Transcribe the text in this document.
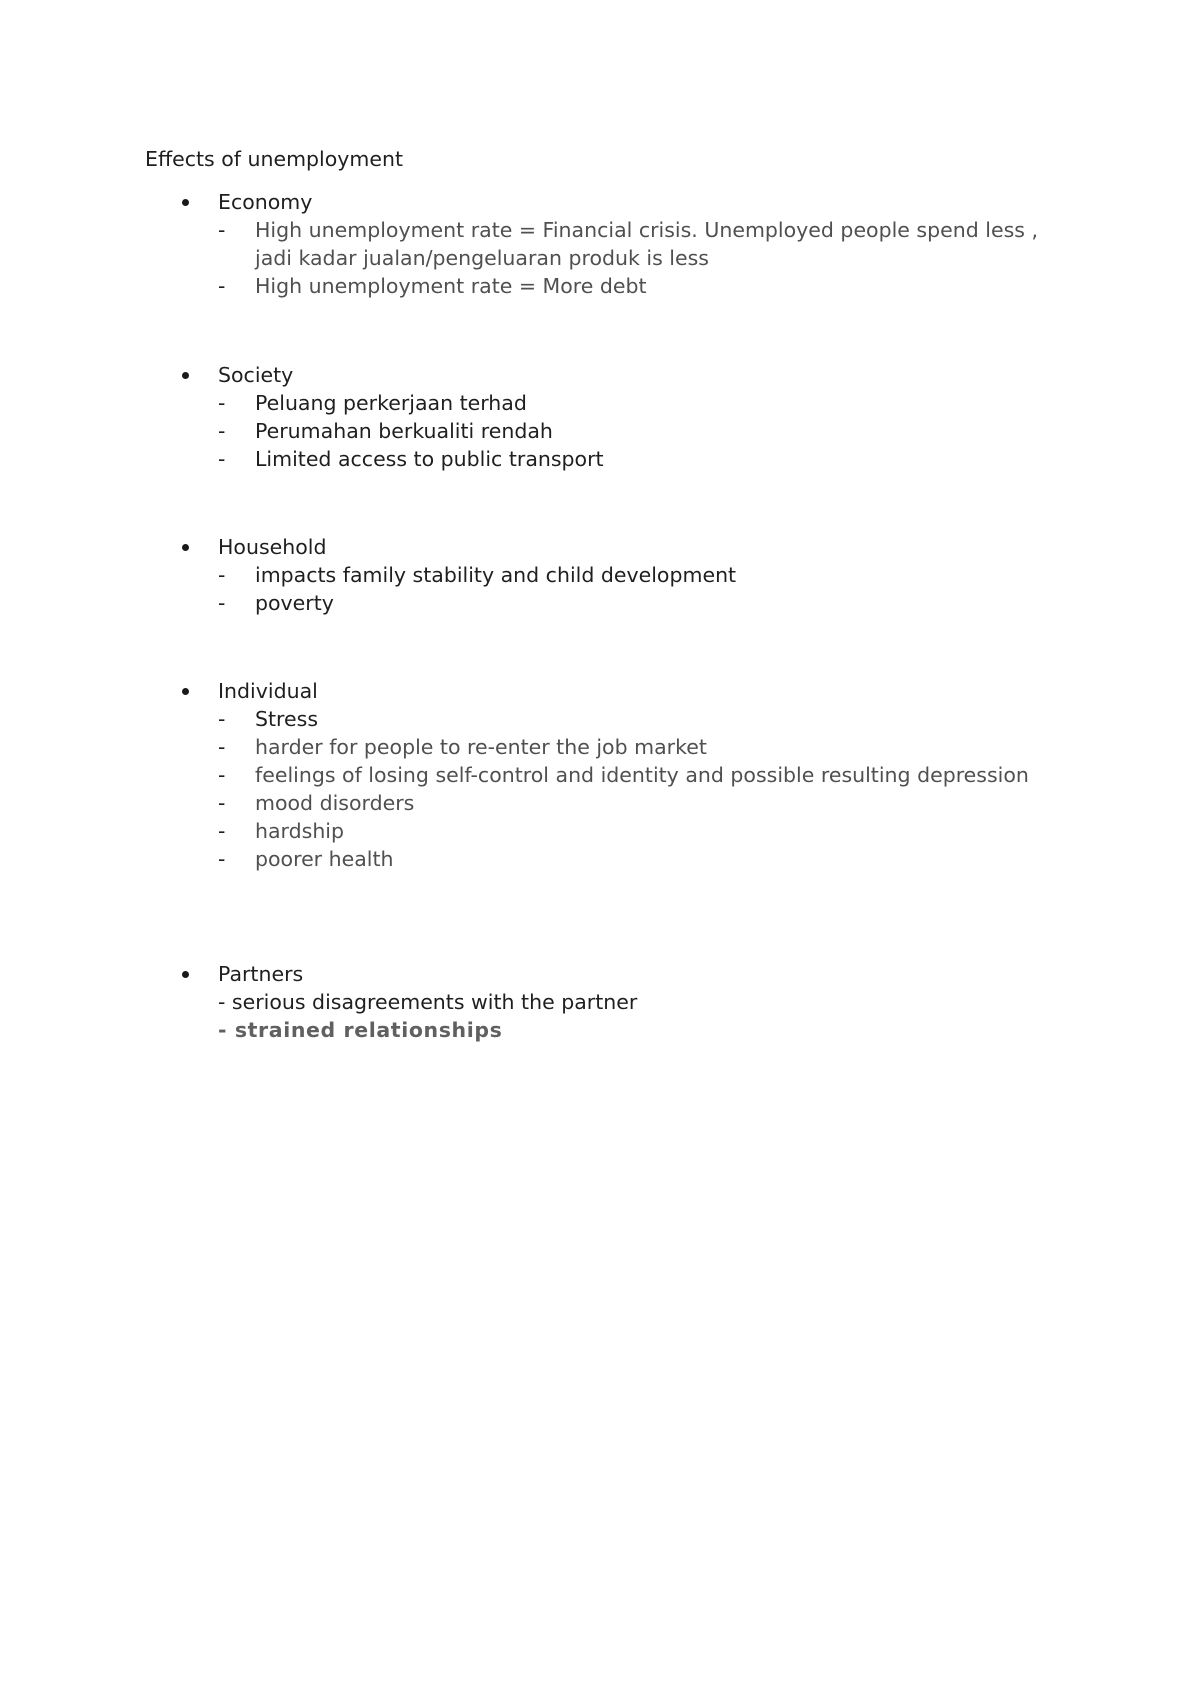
Effects of unemployment
Economy
- High unemployment rate = Financial crisis. Unemployed people spend less , jadi kadar jualan/pengeluaran produk is less
- High unemployment rate = More debt
Society
- Peluang perkerjaan terhad
- Perumahan berkualiti rendah
- Limited access to public transport
Household
- impacts family stability and child development
- poverty
Individual
- Stress
- harder for people to re-enter the job market
- feelings of losing self-control and identity and possible resulting depression
- mood disorders
- hardship
- poorer health
Partners
- serious disagreements with the partner
- strained relationships
